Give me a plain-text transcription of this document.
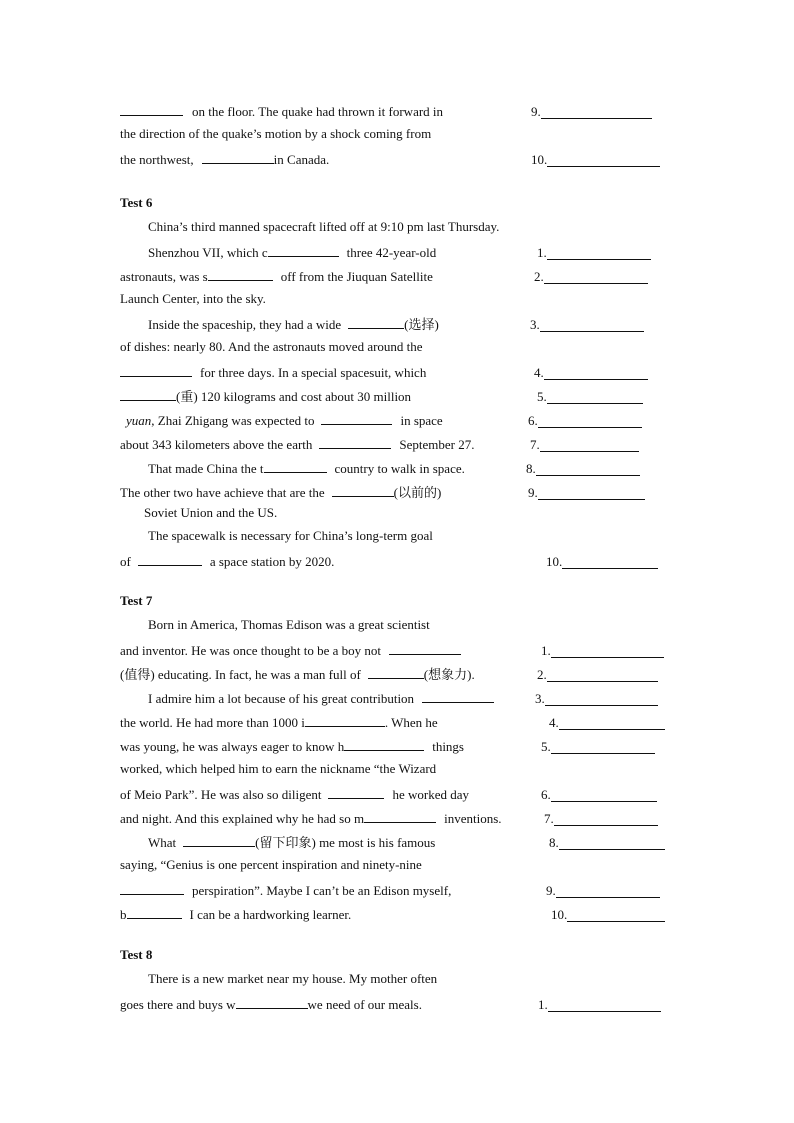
on the floor. The quake had thrown it forward in	9.
the direction of the quake’s motion by a shock coming from
the northwest,	in Canada.	10.
Test 6
China’s third manned spacecraft lifted off at 9:10 pm last Thursday.
Shenzhou VII, which c	three 42-year-old	1.
astronauts, was s	off from the Jiuquan Satellite	2.
Launch Center, into the sky.
Inside the spaceship, they had a wide	(选择)	3.
of dishes: nearly 80. And the astronauts moved around the
for three days. In a special spacesuit, which	4.
(重) 120 kilograms and cost about 30 million	5.
yuan, Zhai Zhigang was expected to	in space	6.
about 343 kilometers above the earth	September 27.	7.
That made China the t	country to walk in space.	8.
The other two have achieve that are the	(以前的)	9.
Soviet Union and the US.
The spacewalk is necessary for China’s long-term goal
of	a space station by 2020.	10.
Test 7
Born in America, Thomas Edison was a great scientist
and inventor. He was once thought to be a boy not	1.
(值得) educating. In fact, he was a man full of	(想象力).	2.
I admire him a lot because of his great contribution	3.
the world. He had more than 1000 i	. When he	4.
was young, he was always eager to know h	things	5.
worked, which helped him to earn the nickname “the Wizard
of Meio Park”. He was also so diligent	he worked day	6.
and night. And this explained why he had so m	inventions.	7.
What	(留下印象) me most is his famous	8.
saying, “Genius is one percent inspiration and ninety-nine
perspiration”. Maybe I can’t be an Edison myself,	9.
b	I can be a hardworking learner.	10.
Test 8
There is a new market near my house. My mother often
goes there and buys w	we need of our meals.	1.
